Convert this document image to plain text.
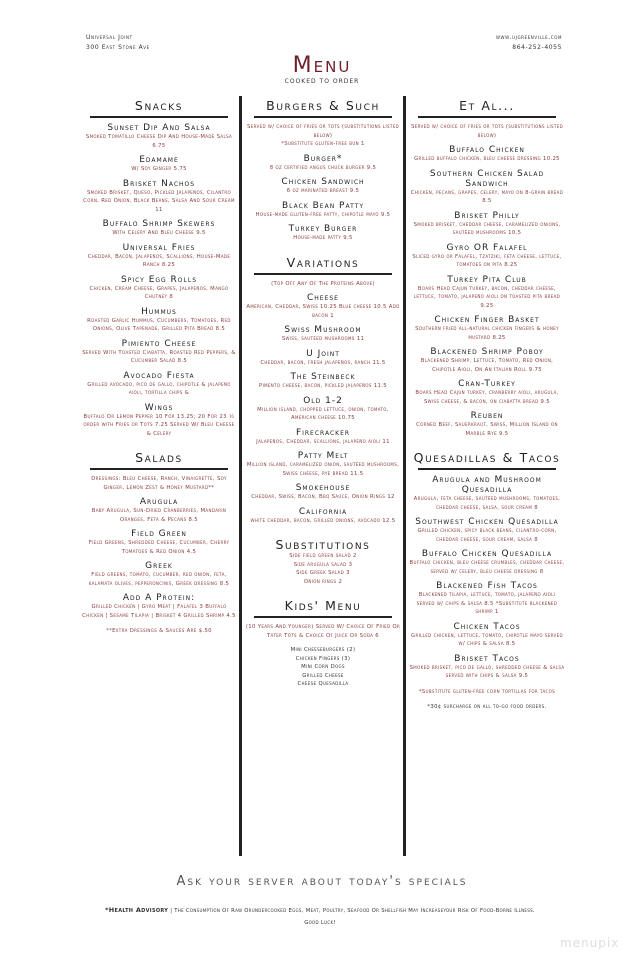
Universal Joint
300 East Stone Ave
www.ujgreenville.com
864-252-4055
Menu
COOKED TO ORDER
Snacks
Sunset Dip And Salsa
Smoked Tomatillo Cheese Dip And House-Made Salsa 6.75
Edamame
W/ Soy Ginger 5.75
Brisket Nachos
Smoked Brisket, Queso, Pickled Jalapeños, Cilantro Corn, Red Onion, Black Beans, Salsa And Sour Cream 11
Buffalo Shrimp Skewers
With Celery And Bleu Cheese 9.5
Universal Fries
Cheddar, Bacon, Jalapeños, Scallions, House-Made Ranch 8.25
Spicy Egg Rolls
Chicken, Cream Cheese, Grapes, Jalapeños, Mango Chutney 8
Hummus
Roasted Garlic Hummus, Cucumbers, Tomatoes, Red Onions, Olive Tapenade, Grilled Pita Bread 8.5
Pimiento Cheese
Served With Toasted Ciabatta, Roasted Red Peppers, & Cucumber Salad 8.5
Avocado Fiesta
Grilled avocado, pico de gallo, chipotle & jalapeño aioli, tortilla chips &
Wings
Buffalo Or Lemon Pepper 10 For 13.25; 20 For 23 ½ order with Fries or Tots 7.25 Served W/ Bleu Cheese & Celery
Salads
Dressings: Bleu Cheese, Ranch, Vinaigrette, Soy Ginger, Lemon Zest & Honey Mustard**
Arugula
Baby Arugula, Sun-Dried Cranberries, Mandarin Oranges, Feta & Pecans 8.5
Field Green
Field Greens, Shredded Cheese, Cucumber, Cherry Tomatoes & Red Onion 4.5
Greek
Field greens, tomato, cucumber, red onion, feta, kalamata olives, pepperoncinis, Greek dressing 8.5
Add A Protein:
Grilled Chicken | Gyro Meat | Falafel 3 Buffalo Chicken | Sesame Tilapia | Brisket 4 Grilled Shrimp 4.5
**Extra Dressings & Sauces Are $.50
Burgers & Such
Served w/ choice of fries or tots (substitutions listed below)
*Substitute gluten-free bun 1
Burger*
8 oz certified angus chuck burger 9.5
Chicken Sandwich
6 oz marinated breast 9.5
Black Bean Patty
House-made gluten-free patty, chipotle mayo 9.5
Turkey Burger
House-made patty 9.5
Variations
(Top Off Any Of The Proteins Above)
Cheese
American, Cheddar, Swiss 10.25 Blue cheese 10.5 Add bacon 1
Swiss Mushroom
Swiss, sautéed mushrooms 11
U Joint
Cheddar, bacon, fresh jalapeños, ranch 11.5
The Steinbeck
Pimento cheese, bacon, pickled jalapeños 11.5
Old 1-2
Million island, chopped lettuce, onion, tomato, American cheese 10.75
Firecracker
Jalapeños, Cheddar, scallions, jalapeño aioli 11
Patty Melt
Million island, caramelized onion, sautéed mushrooms, Swiss cheese, rye bread 11.5
Smokehouse
Cheddar, Swiss, Bacon, Bbq Sauce, Onion Rings 12
California
white cheddar, bacon, grilled onions, avocado 12.5
Substitutions
Side field green salad 2
Side arugula salad 3
Side Greek Salad 3
Onion rings 2
Kids' Menu
(10 Years And Younger) Served W/ Choice Of Fried Or Tater Tots & Choice Of Juice Or Soda 6
Mini Cheeseburgers (2)
Chicken Fingers (3)
Mini Corn Dogs
Grilled Cheese
Cheese Quesadilla
Et Al...
Served w/ choice of fries or tots (substitutions listed below)
Buffalo Chicken
Grilled buffalo chicken, bleu cheese dressing 10.25
Southern Chicken Salad Sandwich
Chicken, pecans, grapes, celery, mayo on 8-grain bread 8.5
Brisket Philly
Smoked brisket, cheddar cheese, caramelized onions, sautéed mushrooms 10.5
Gyro OR Falafel
Sliced gyro or Falafel, tzatziki, feta cheese, lettuce, tomatoes on pita 8.25
Turkey Pita Club
Boars Head Cajun turkey, bacon, cheddar cheese, lettuce, tomato, jalapeño aioli on toasted pita bread 9.25
Chicken Finger Basket
Southern fried all-natural chicken fingers & honey mustard 8.25
Blackened Shrimp Poboy
Blackened Shrimp, Lettuce, Tomato, Red Onion, Chipotle Aioli, On An Italian Roll 9.75
Cran-Turkey
Boars Head Cajun turkey, cranberry aioli, arugula, Swiss cheese, & bacon, on ciabatta bread 9.5
Reuben
Corned Beef, Sauerkraut, Swiss, Million Island on Marble Rye 9.5
Quesadillas & Tacos
Arugula and Mushroom Quesadilla
Arugula, feta cheese, sautéed mushrooms, tomatoes, cheddar cheese, salsa, sour cream 8
Southwest Chicken Quesadilla
Grilled chicken, spicy black beans, cilantro-corn, cheddar cheese, sour cream, salsa 8
Buffalo Chicken Quesadilla
Buffalo chicken, bleu cheese crumbles, cheddar cheese, served w/ celery, bleu cheese dressing 8
Blackened Fish Tacos
Blackened tilapia, lettuce, tomato, jalapeño aioli served w/ chips & salsa 8.5 *Substitute blackened shrimp 1
Chicken Tacos
Grilled chicken, lettuce, tomato, chipotle mayo served w/ chips & salsa 8.5
Brisket Tacos
Smoked brisket, pico de gallo, shredded cheese & salsa served with chips & salsa 9.5
*Substitute gluten-free corn tortillas for tacos
*30¢ surcharge on all to-go food orders.
menupix
Ask your server about today's specials
*Health Advisory | The Consumption Of Raw Orundercooked Eggs, Meat, Poultry, Seafood Or Shellfish May Increaseyour Risk Of Food-Borne Illness.
Good Luck!
